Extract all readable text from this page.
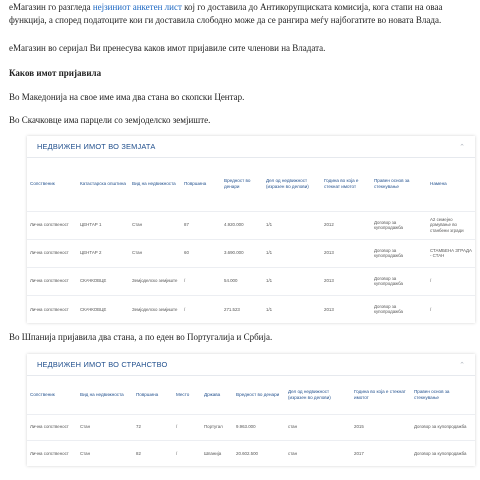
еМагазин го разгледа нејзиниот анкетен лист кој го доставила до Антикорупциската комисија, кога стапи на оваа функција, а според податоците кои ги доставила слободно може да се рангира меѓу најбогатите во новата Влада.

еМагазин во серијал Ви пренесува каков имот пријавиле сите членови на Владата.

Каков имот пријавила

Во Македонија на своe име има два стана во скопски Центар.

Во Скачковце има парцели со земјоделско земјиште.

НЕДВИЖЕН ИМОТ ВО ЗЕМЈАТА	⌃
Сопственик	Катастарска општина	Вид на недвижноста	Површина	Вредност во денари	Дел од недвижност (изразен во делови)	Година во која е стекнат имотот	Правен основ за стекнување	Намена
Лична сопственост	ЦЕНТАР 1	Стан	87	4.920.000	1/1	2012	Договор за купопродажба	А2 семејно домување во станбени згради
Лична сопственост	ЦЕНТАР 2	Стан	60	3.690.000	1/1	2013	Договор за купопродажба	СТАМБЕНА ЗГРАДА - СТАН
Лична сопственост	СКАЧКОВЦЕ	Земјоделско земјиште	/	54.000	1/1	2013	Договор за купопродажба	/
Лична сопственост	СКАЧКОВЦЕ	Земјоделско земјиште	/	271.523	1/1	2013	Договор за купопродажба	/

Во Шпанија пријавила два стана, а по еден во Португалија и Србија.

НЕДВИЖЕН ИМОТ ВО СТРАНСТВО	⌃
Сопственик	Вид на недвижноста	Површина	Место	Држава	Вредност во денари	Дел од недвижност (изразен во делови)	Година во која е стекнат имотот	Правен основ за стекнување
Лична сопственост	Стан	72	/	Португал	9.963.000	стан	2015	Договор за купопродажба
Лична сопственост	Стан	82	/	Шпанија	20.602.500	стан	2017	Договор за купопродажба
